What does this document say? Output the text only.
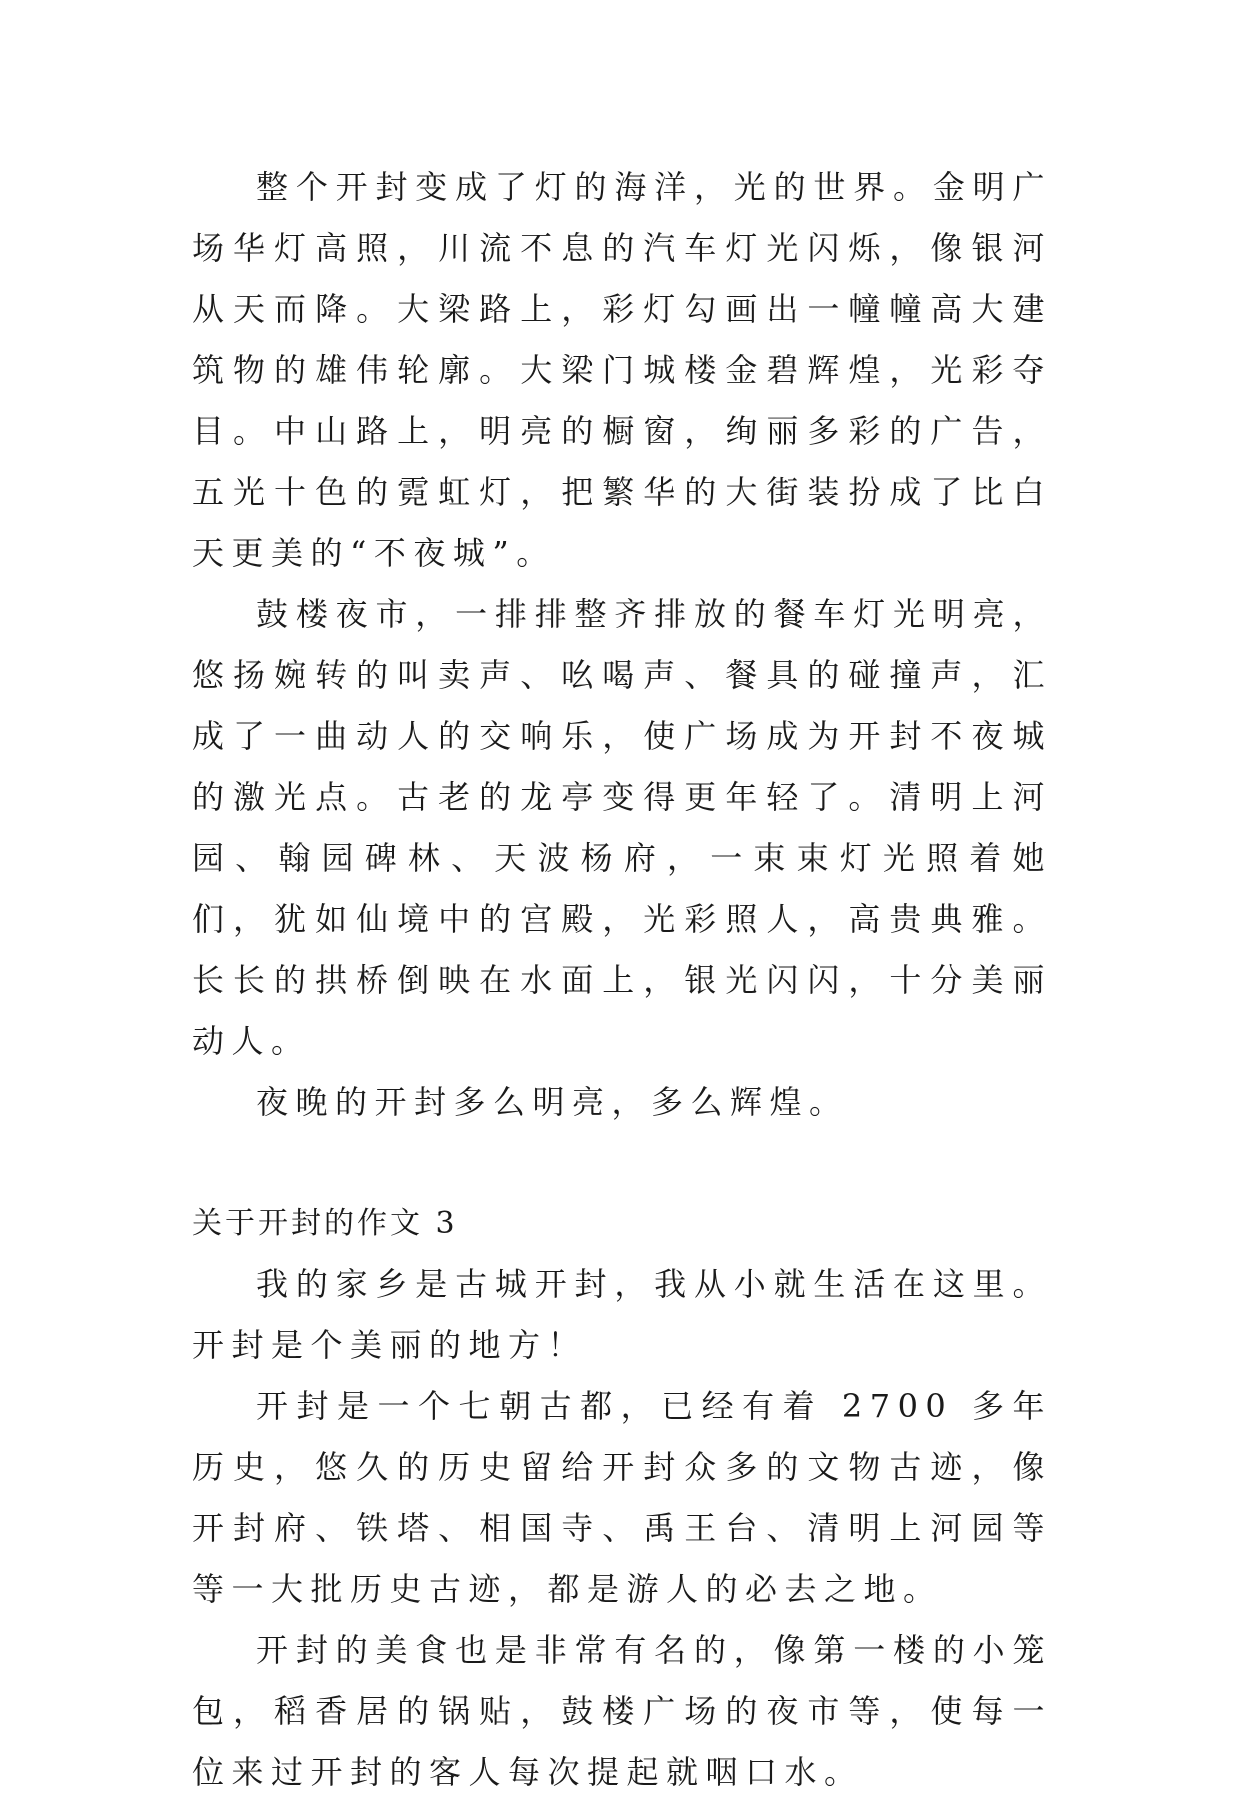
整个开封变成了灯的海洋，光的世界。金明广场华灯高照，川流不息的汽车灯光闪烁，像银河从天而降。大梁路上，彩灯勾画出一幢幢高大建筑物的雄伟轮廓。大梁门城楼金碧辉煌，光彩夺目。中山路上，明亮的橱窗，绚丽多彩的广告，五光十色的霓虹灯，把繁华的大街装扮成了比白天更美的“不夜城”。

鼓楼夜市，一排排整齐排放的餐车灯光明亮，悠扬婉转的叫卖声、吆喝声、餐具的碰撞声，汇成了一曲动人的交响乐，使广场成为开封不夜城的激光点。古老的龙亭变得更年轻了。清明上河园、翰园碑林、天波杨府，一束束灯光照着她们，犹如仙境中的宫殿，光彩照人，高贵典雅。长长的拱桥倒映在水面上，银光闪闪，十分美丽动人。

夜晚的开封多么明亮，多么辉煌。

关于开封的作文 3

我的家乡是古城开封，我从小就生活在这里。开封是个美丽的地方！

开封是一个七朝古都，已经有着 2700 多年历史，悠久的历史留给开封众多的文物古迹，像开封府、铁塔、相国寺、禹王台、清明上河园等等一大批历史古迹，都是游人的必去之地。

开封的美食也是非常有名的，像第一楼的小笼包，稻香居的锅贴，鼓楼广场的夜市等，使每一位来过开封的客人每次提起就咽口水。
